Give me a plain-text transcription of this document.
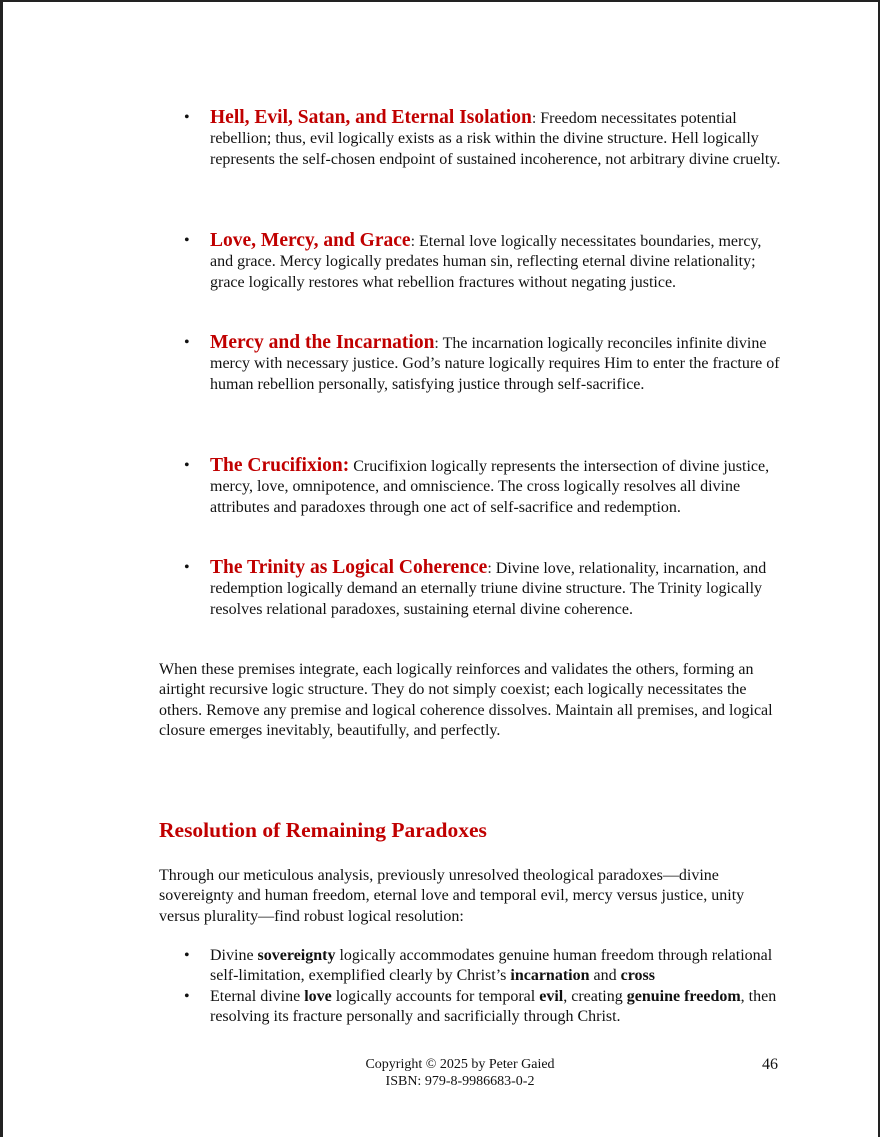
• Hell, Evil, Satan, and Eternal Isolation: Freedom necessitates potential rebellion; thus, evil logically exists as a risk within the divine structure. Hell logically represents the self-chosen endpoint of sustained incoherence, not arbitrary divine cruelty.
• Love, Mercy, and Grace: Eternal love logically necessitates boundaries, mercy, and grace. Mercy logically predates human sin, reflecting eternal divine relationality; grace logically restores what rebellion fractures without negating justice.
• Mercy and the Incarnation: The incarnation logically reconciles infinite divine mercy with necessary justice. God’s nature logically requires Him to enter the fracture of human rebellion personally, satisfying justice through self-sacrifice.
• The Crucifixion: Crucifixion logically represents the intersection of divine justice, mercy, love, omnipotence, and omniscience. The cross logically resolves all divine attributes and paradoxes through one act of self-sacrifice and redemption.
• The Trinity as Logical Coherence: Divine love, relationality, incarnation, and redemption logically demand an eternally triune divine structure. The Trinity logically resolves relational paradoxes, sustaining eternal divine coherence.
When these premises integrate, each logically reinforces and validates the others, forming an airtight recursive logic structure. They do not simply coexist; each logically necessitates the others. Remove any premise and logical coherence dissolves. Maintain all premises, and logical closure emerges inevitably, beautifully, and perfectly.
Resolution of Remaining Paradoxes
Through our meticulous analysis, previously unresolved theological paradoxes—divine sovereignty and human freedom, eternal love and temporal evil, mercy versus justice, unity versus plurality—find robust logical resolution:
• Divine sovereignty logically accommodates genuine human freedom through relational self-limitation, exemplified clearly by Christ’s incarnation and cross
• Eternal divine love logically accounts for temporal evil, creating genuine freedom, then resolving its fracture personally and sacrificially through Christ.
Copyright © 2025 by Peter Gaied
ISBN: 979-8-9986683-0-2
46
